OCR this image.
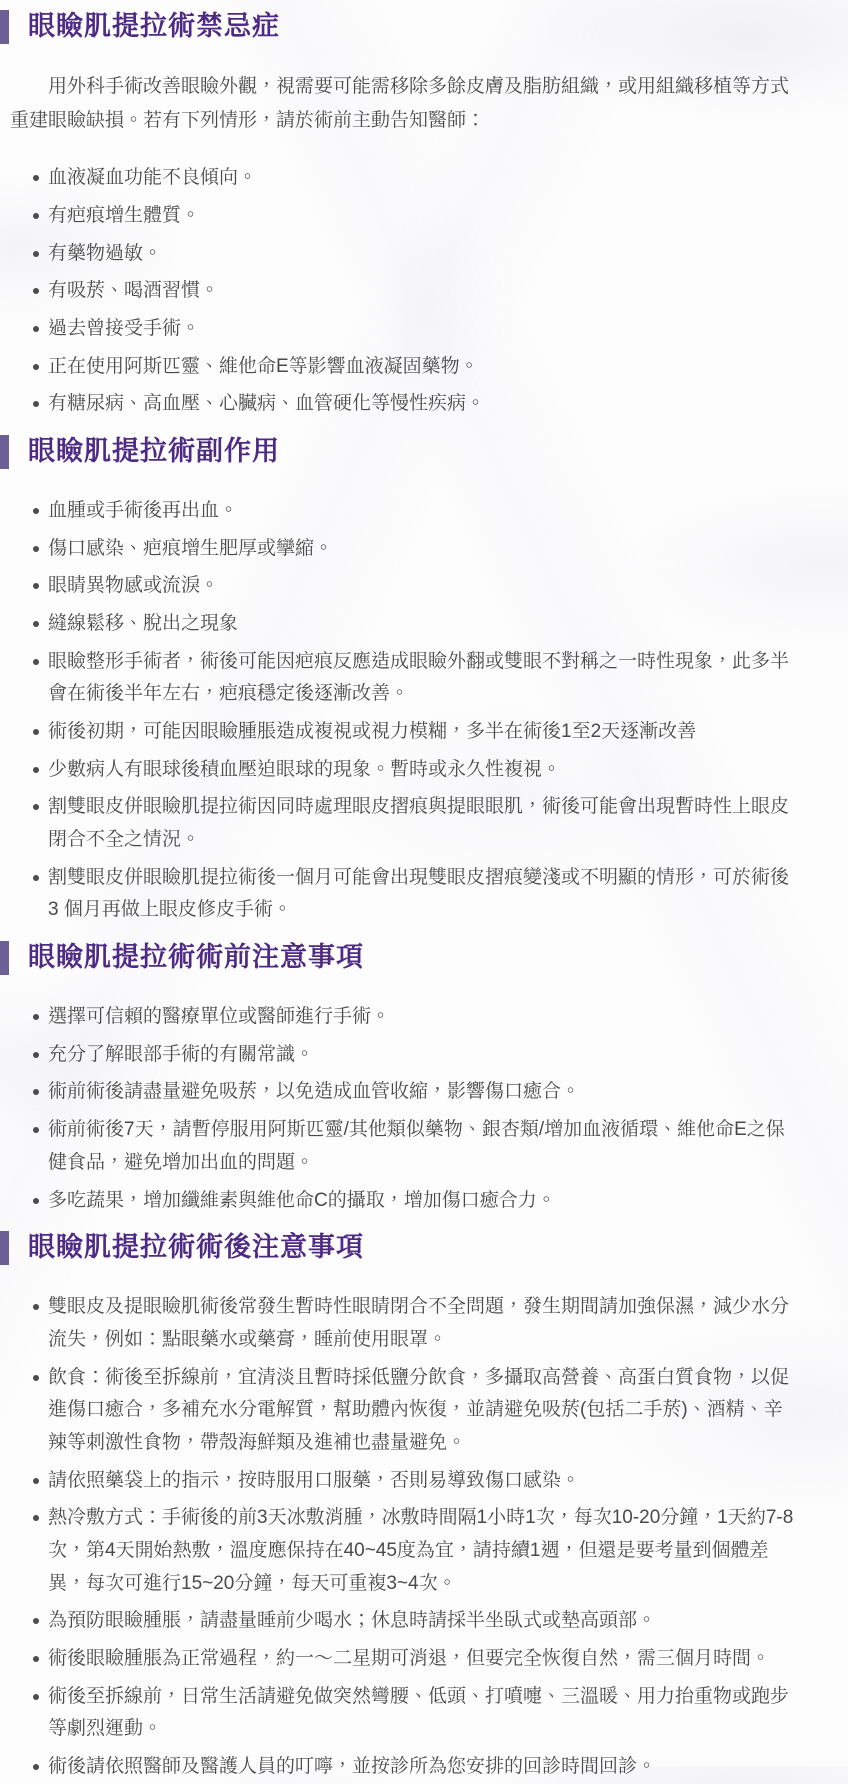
眼瞼肌提拉術禁忌症

用外科手術改善眼瞼外觀，視需要可能需移除多餘皮膚及脂肪組織，或用組織移植等方式重建眼瞼缺損。若有下列情形，請於術前主動告知醫師：

血液凝血功能不良傾向。
有疤痕增生體質。
有藥物過敏。
有吸菸、喝酒習慣。
過去曾接受手術。
正在使用阿斯匹靈、維他命E等影響血液凝固藥物。
有糖尿病、高血壓、心臟病、血管硬化等慢性疾病。
眼瞼肌提拉術副作用
血腫或手術後再出血。
傷口感染、疤痕增生肥厚或攣縮。
眼睛異物感或流淚。
縫線鬆移、脫出之現象
眼瞼整形手術者，術後可能因疤痕反應造成眼瞼外翻或雙眼不對稱之一時性現象，此多半會在術後半年左右，疤痕穩定後逐漸改善。
術後初期，可能因眼瞼腫脹造成複視或視力模糊，多半在術後1至2天逐漸改善
少數病人有眼球後積血壓迫眼球的現象。暫時或永久性複視。
割雙眼皮併眼瞼肌提拉術因同時處理眼皮摺痕與提眼眼肌，術後可能會出現暫時性上眼皮閉合不全之情況。
割雙眼皮併眼瞼肌提拉術後一個月可能會出現雙眼皮摺痕變淺或不明顯的情形，可於術後 3 個月再做上眼皮修皮手術。
眼瞼肌提拉術術前注意事項
選擇可信賴的醫療單位或醫師進行手術。
充分了解眼部手術的有關常識。
術前術後請盡量避免吸菸，以免造成血管收縮，影響傷口癒合。
術前術後7天，請暫停服用阿斯匹靈/其他類似藥物、銀杏類/增加血液循環、維他命E之保健食品，避免增加出血的問題。
多吃蔬果，增加纖維素與維他命C的攝取，增加傷口癒合力。
眼瞼肌提拉術術後注意事項
雙眼皮及提眼瞼肌術後常發生暫時性眼睛閉合不全問題，發生期間請加強保濕，減少水分流失，例如：點眼藥水或藥膏，睡前使用眼罩。
飲食：術後至拆線前，宜清淡且暫時採低鹽分飲食，多攝取高營養、高蛋白質食物，以促進傷口癒合，多補充水分電解質，幫助體內恢復，並請避免吸菸(包括二手菸)、酒精、辛辣等刺激性食物，帶殼海鮮類及進補也盡量避免。
請依照藥袋上的指示，按時服用口服藥，否則易導致傷口感染。
熱冷敷方式：手術後的前3天冰敷消腫，冰敷時間隔1小時1次，每次10-20分鐘，1天約7-8次，第4天開始熱敷，溫度應保持在40~45度為宜，請持續1週，但還是要考量到個體差異，每次可進行15~20分鐘，每天可重複3~4次。
為預防眼瞼腫脹，請盡量睡前少喝水；休息時請採半坐臥式或墊高頭部。
術後眼瞼腫脹為正常過程，約一～二星期可消退，但要完全恢復自然，需三個月時間。
術後至拆線前，日常生活請避免做突然彎腰、低頭、打噴嚏、三溫暖、用力抬重物或跑步等劇烈運動。
術後請依照醫師及醫護人員的叮嚀，並按診所為您安排的回診時間回診。
